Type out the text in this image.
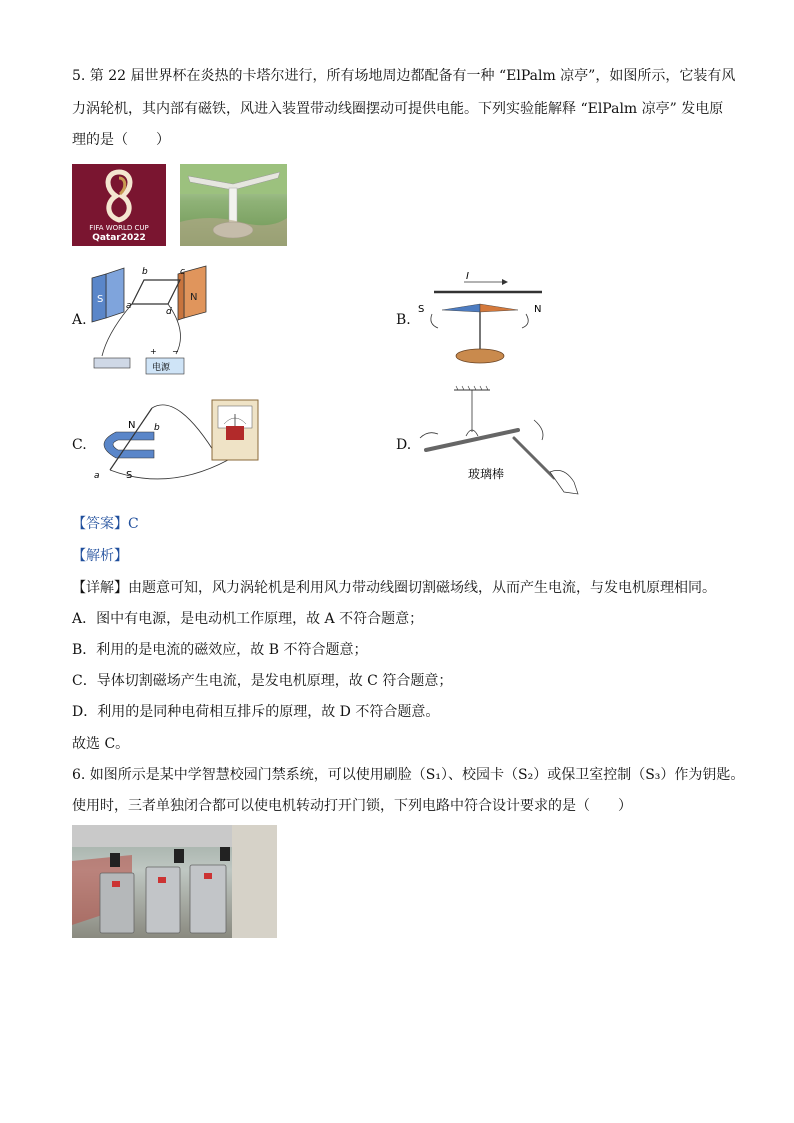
5. 第 22 届世界杯在炎热的卡塔尔进行，所有场地周边都配备有一种 “ElPalm 凉亭”，如图所示，它装有风
力涡轮机，其内部有磁铁，风进入装置带动线圈摆动可提供电能。下列实验能解释 “ElPalm 凉亭” 发电原
理的是（　　）
FIFA WORLD CUP
Qatar2022
A.
S	N
a
b	c
d
+ −
电源
B.
I
S	N
C.
N
S
a
b
D.
玻璃棒
【答案】C
【解析】
【详解】由题意可知，风力涡轮机是利用风力带动线圈切割磁场线，从而产生电流，与发电机原理相同。
A．图中有电源，是电动机工作原理，故 A 不符合题意；
B．利用的是电流的磁效应，故 B 不符合题意；
C．导体切割磁场产生电流，是发电机原理，故 C 符合题意；
D．利用的是同种电荷相互排斥的原理，故 D 不符合题意。
故选 C。
6. 如图所示是某中学智慧校园门禁系统，可以使用刷脸（S₁）、校园卡（S₂）或保卫室控制（S₃）作为钥匙。
使用时，三者单独闭合都可以使电机转动打开门锁，下列电路中符合设计要求的是（　　）
